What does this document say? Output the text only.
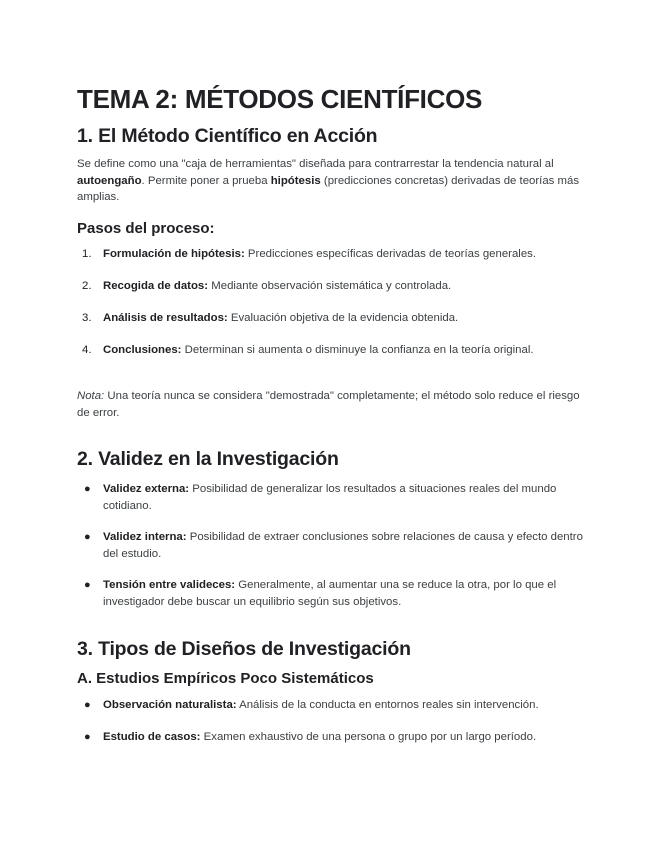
TEMA 2: MÉTODOS CIENTÍFICOS
1. El Método Científico en Acción
Se define como una "caja de herramientas" diseñada para contrarrestar la tendencia natural al autoengaño. Permite poner a prueba hipótesis (predicciones concretas) derivadas de teorías más amplias.
Pasos del proceso:
1.	Formulación de hipótesis: Predicciones específicas derivadas de teorías generales.
2.	Recogida de datos: Mediante observación sistemática y controlada.
3.	Análisis de resultados: Evaluación objetiva de la evidencia obtenida.
4.	Conclusiones: Determinan si aumenta o disminuye la confianza en la teoría original.
Nota: Una teoría nunca se considera "demostrada" completamente; el método solo reduce el riesgo de error.
2. Validez en la Investigación
● Validez externa: Posibilidad de generalizar los resultados a situaciones reales del mundo cotidiano.
● Validez interna: Posibilidad de extraer conclusiones sobre relaciones de causa y efecto dentro del estudio.
● Tensión entre valideces: Generalmente, al aumentar una se reduce la otra, por lo que el investigador debe buscar un equilibrio según sus objetivos.
3. Tipos de Diseños de Investigación
A. Estudios Empíricos Poco Sistemáticos
● Observación naturalista: Análisis de la conducta en entornos reales sin intervención.
● Estudio de casos: Examen exhaustivo de una persona o grupo por un largo período.
